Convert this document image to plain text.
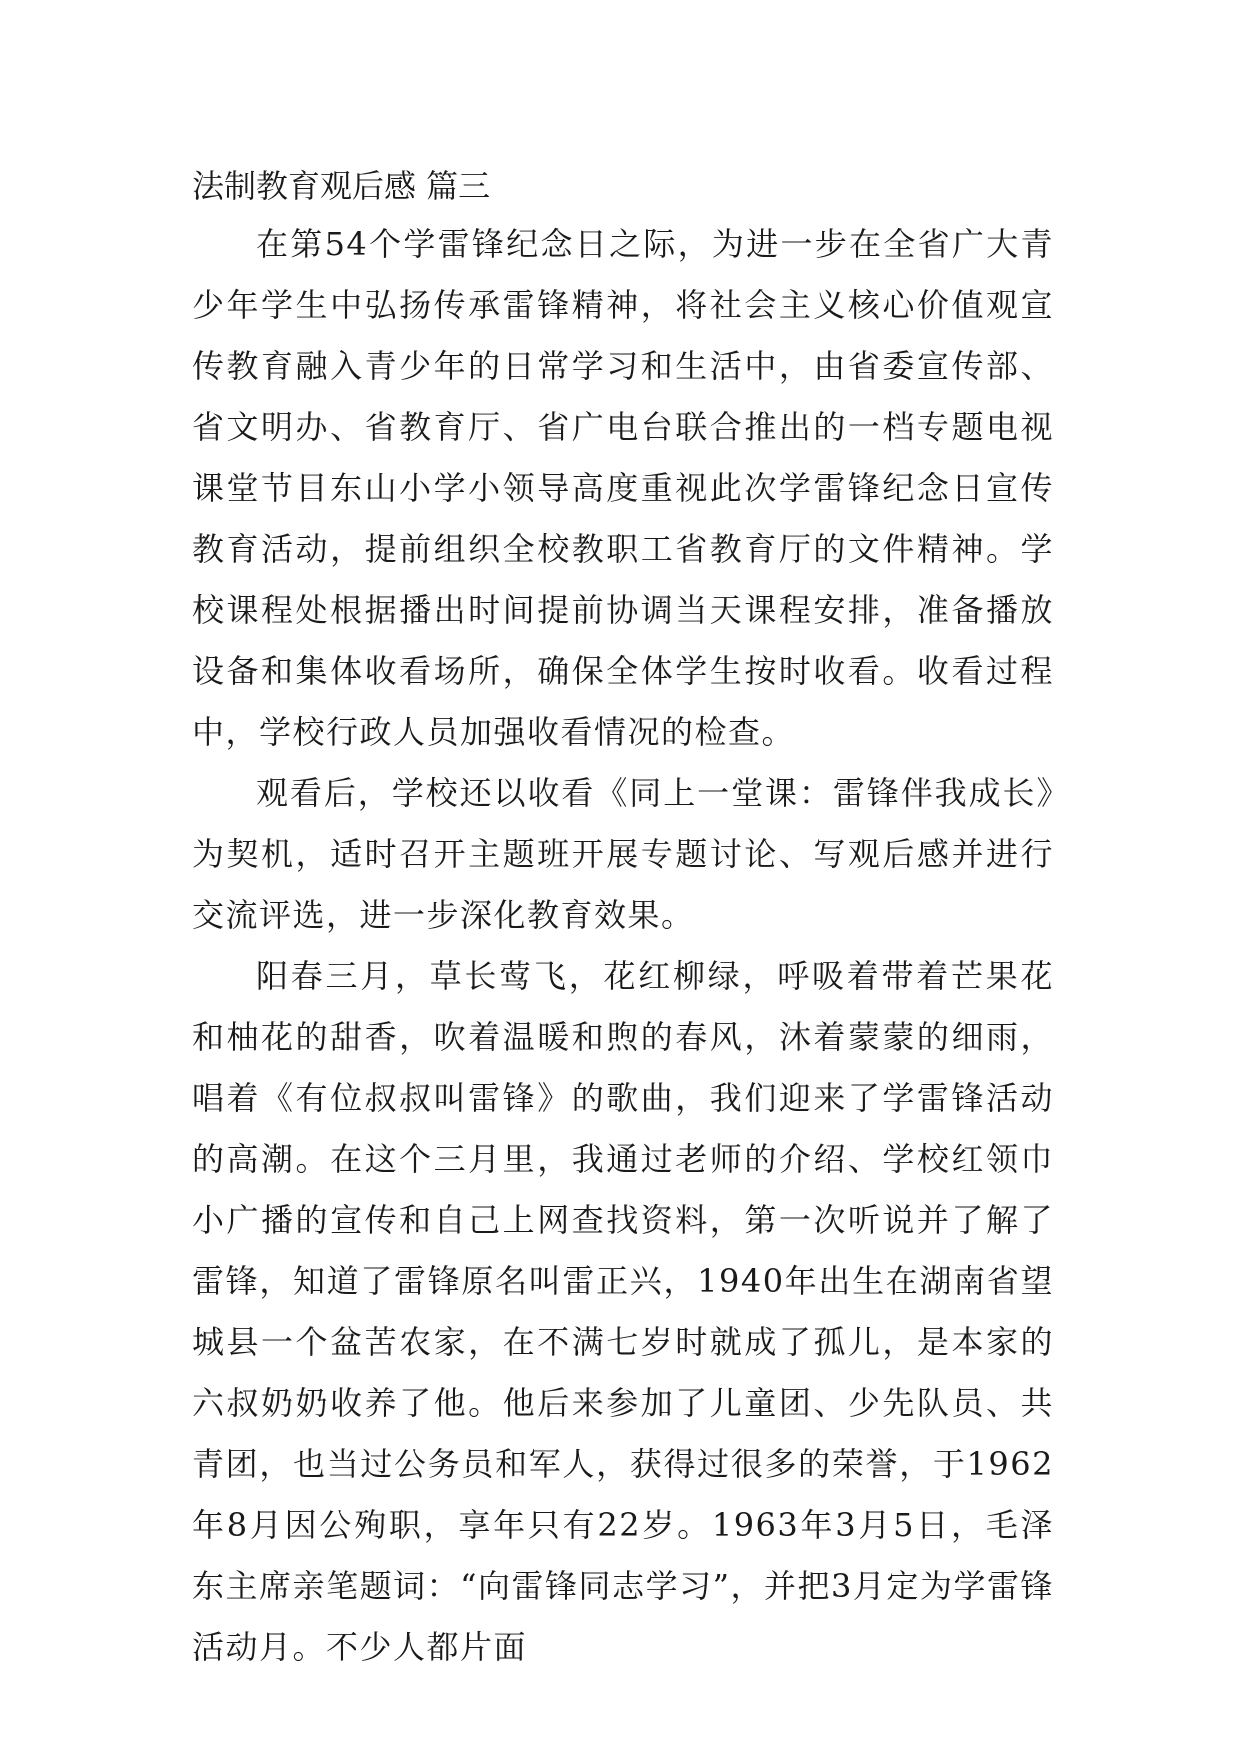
法制教育观后感 篇三

在第54个学雷锋纪念日之际，为进一步在全省广大青少年学生中弘扬传承雷锋精神，将社会主义核心价值观宣传教育融入青少年的日常学习和生活中，由省委宣传部、省文明办、省教育厅、省广电台联合推出的一档专题电视课堂节目东山小学小领导高度重视此次学雷锋纪念日宣传教育活动，提前组织全校教职工省教育厅的文件精神。学校课程处根据播出时间提前协调当天课程安排，准备播放设备和集体收看场所，确保全体学生按时收看。收看过程中，学校行政人员加强收看情况的检查。

观看后，学校还以收看《同上一堂课：雷锋伴我成长》为契机，适时召开主题班开展专题讨论、写观后感并进行交流评选，进一步深化教育效果。

阳春三月，草长莺飞，花红柳绿，呼吸着带着芒果花和柚花的甜香，吹着温暖和煦的春风，沐着蒙蒙的细雨，唱着《有位叔叔叫雷锋》的歌曲，我们迎来了学雷锋活动的高潮。在这个三月里，我通过老师的介绍、学校红领巾小广播的宣传和自己上网查找资料，第一次听说并了解了雷锋，知道了雷锋原名叫雷正兴，1940年出生在湖南省望城县一个盆苦农家，在不满七岁时就成了孤儿，是本家的六叔奶奶收养了他。他后来参加了儿童团、少先队员、共青团，也当过公务员和军人，获得过很多的荣誉，于1962年8月因公殉职，享年只有22岁。1963年3月5日，毛泽东主席亲笔题词：“向雷锋同志学习”，并把3月定为学雷锋活动月。不少人都片面
